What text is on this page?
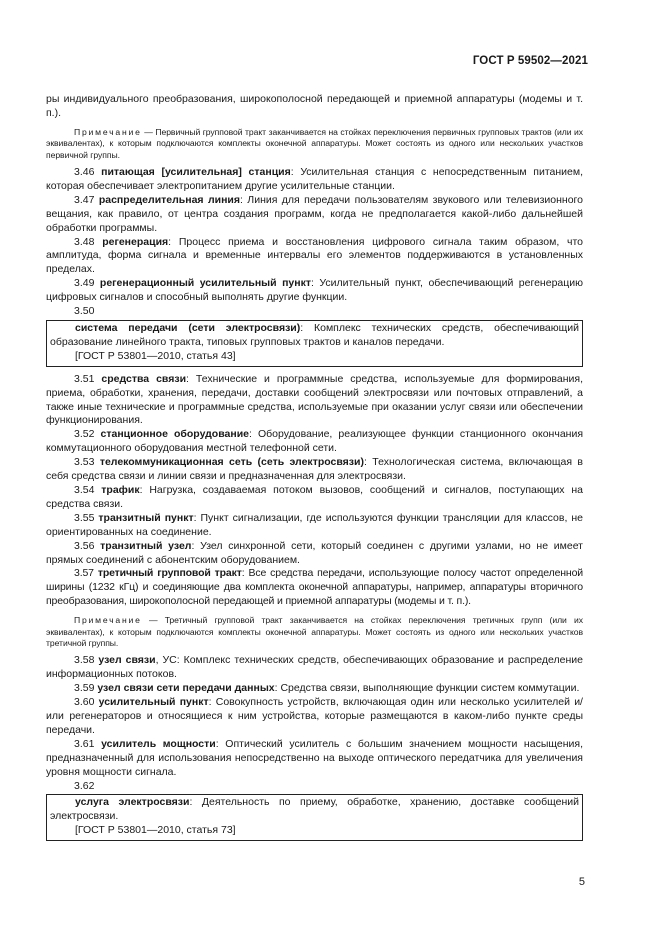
ГОСТ Р 59502—2021

ры индивидуального преобразования, широкополосной передающей и приемной аппаратуры (модемы и т. п.).

Примечание — Первичный групповой тракт заканчивается на стойках переключения первичных групповых трактов (или их эквивалентах), к которым подключаются комплекты оконечной аппаратуры. Может состоять из одного или нескольких участков первичной группы.

3.46 питающая [усилительная] станция: Усилительная станция с непосредственным питанием, которая обеспечивает электропитанием другие усилительные станции.

3.47 распределительная линия: Линия для передачи пользователям звукового или телевизионного вещания, как правило, от центра создания программ, когда не предполагается какой-либо дальнейшей обработки программы.

3.48 регенерация: Процесс приема и восстановления цифрового сигнала таким образом, что амплитуда, форма сигнала и временные интервалы его элементов поддерживаются в установленных пределах.

3.49 регенерационный усилительный пункт: Усилительный пункт, обеспечивающий регенерацию цифровых сигналов и способный выполнять другие функции.

3.50

система передачи (сети электросвязи): Комплекс технических средств, обеспечивающий образование линейного тракта, типовых групповых трактов и каналов передачи.

[ГОСТ Р 53801—2010, статья 43]

3.51 средства связи: Технические и программные средства, используемые для формирования, приема, обработки, хранения, передачи, доставки сообщений электросвязи или почтовых отправлений, а также иные технические и программные средства, используемые при оказании услуг связи или обеспечении функционирования.

3.52 станционное оборудование: Оборудование, реализующее функции станционного окончания коммутационного оборудования местной телефонной сети.

3.53 телекоммуникационная сеть (сеть электросвязи): Технологическая система, включающая в себя средства связи и линии связи и предназначенная для электросвязи.

3.54 трафик: Нагрузка, создаваемая потоком вызовов, сообщений и сигналов, поступающих на средства связи.

3.55 транзитный пункт: Пункт сигнализации, где используются функции трансляции для классов, не ориентированных на соединение.

3.56 транзитный узел: Узел синхронной сети, который соединен с другими узлами, но не имеет прямых соединений с абонентским оборудованием.

3.57 третичный групповой тракт: Все средства передачи, использующие полосу частот определенной ширины (1232 кГц) и соединяющие два комплекта оконечной аппаратуры, например, аппаратуры вторичного преобразования, широкополосной передающей и приемной аппаратуры (модемы и т. п.).

Примечание — Третичный групповой тракт заканчивается на стойках переключения третичных групп (или их эквивалентах), к которым подключаются комплекты оконечной аппаратуры. Может состоять из одного или нескольких участков третичной группы.

3.58 узел связи, УС: Комплекс технических средств, обеспечивающих образование и распределение информационных потоков.

3.59 узел связи сети передачи данных: Средства связи, выполняющие функции систем коммутации.

3.60 усилительный пункт: Совокупность устройств, включающая один или несколько усилителей и/или регенераторов и относящиеся к ним устройства, которые размещаются в каком-либо пункте среды передачи.

3.61 усилитель мощности: Оптический усилитель с большим значением мощности насыщения, предназначенный для использования непосредственно на выходе оптического передатчика для увеличения уровня мощности сигнала.

3.62

услуга электросвязи: Деятельность по приему, обработке, хранению, доставке сообщений электросвязи.

[ГОСТ Р 53801—2010, статья 73]

5
